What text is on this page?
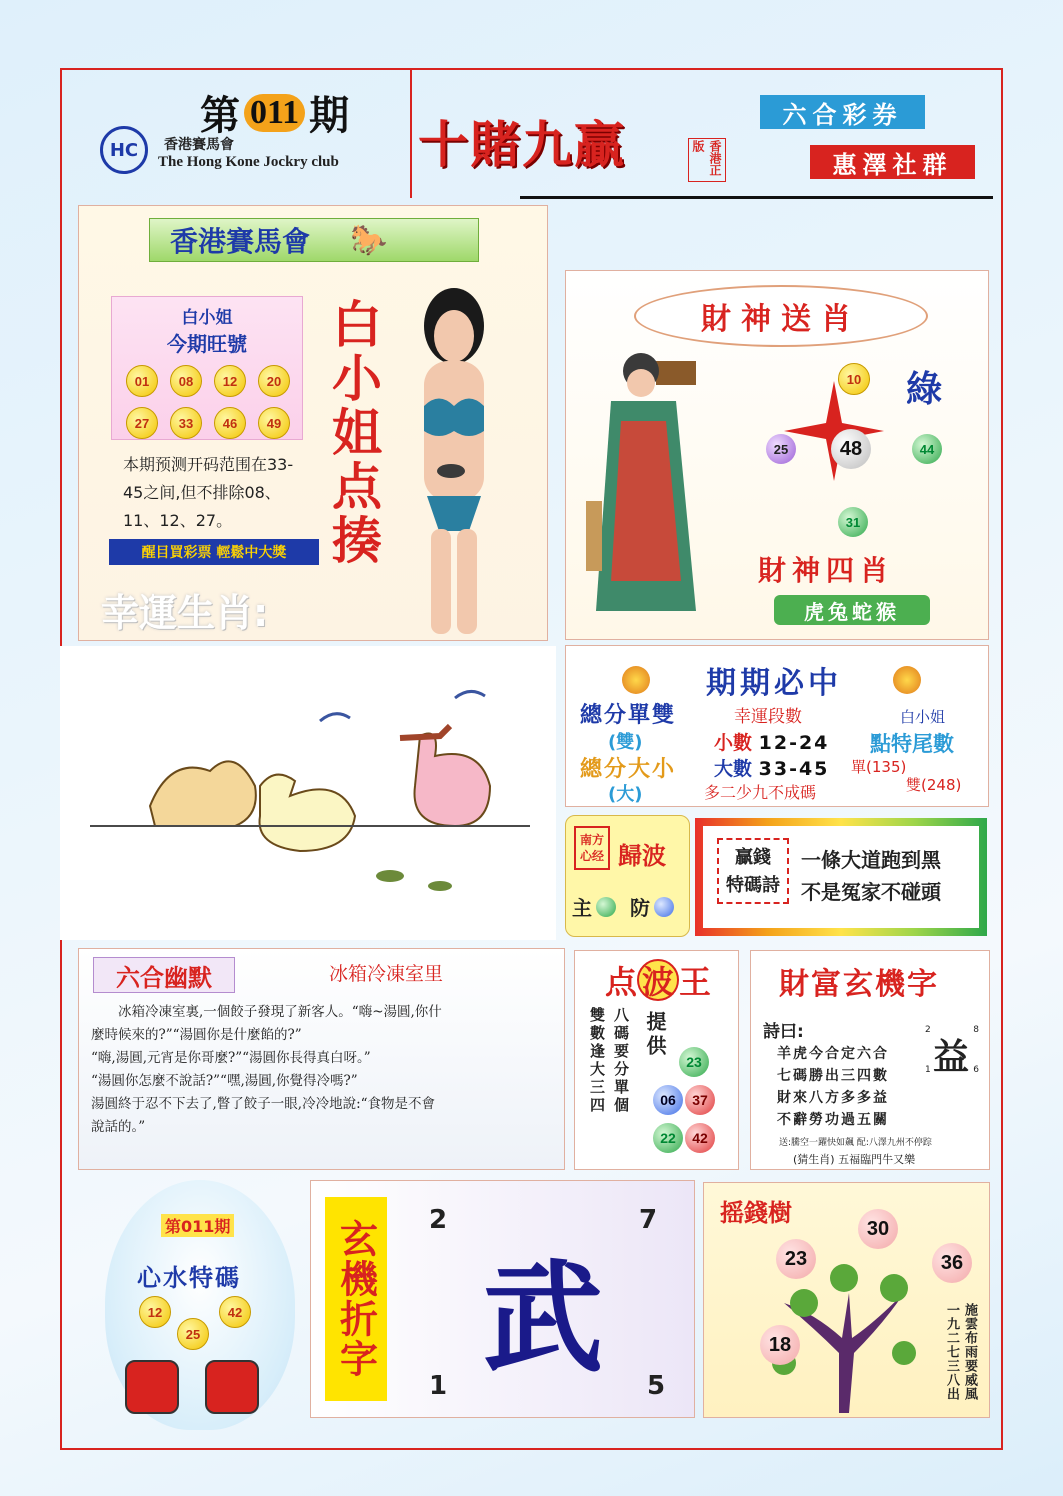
第 011 期
HC	香港賽馬會
The Hong Kone Jockry club 十賭九贏	香港正版
六合彩券
惠澤社群
香港賽馬會 🐎
白小姐
今期旺號
01	08	12	20
27	33	46	49
本期预测开码范围在33-45之间,但不排除08、11、12、27。
醒目買彩票 輕鬆中大獎
幸運生肖:
白小姐点揍	財神送肖
10
25	48	44
31
綠
財神四肖
虎兔蛇猴
期期必中
總分單雙
(雙)
總分大小
(大)
幸運段數
小數 12-24
大數 33-45
多二少九不成碼
白小姐
點特尾數
單(135)
雙(248)
南方心经 歸波
主 防
贏錢
特碼詩
一條大道跑到黑
不是冤家不碰頭
六合幽默	冰箱冷凍室里
冰箱冷凍室裏,一個餃子發現了新客人。“嗨~湯圓,你什
麼時候來的?”“湯圓你是什麼餡的?”
“嗨,湯圓,元宵是你哥麼?”“湯圓你長得真白呀。”
“湯圓你怎麼不說話?”“嘿,湯圓,你覺得冷嗎?”
湯圓終于忍不下去了,瞥了餃子一眼,冷冷地說:“食物是不會
說話的。”
点 波 王
雙數逢大三四 八碼要分單個 提供
23
06	37
22	42
財富玄機字
詩曰:
羊虎今合定六合
七碼勝出三四數
財來八方多多益
不辭勞功過五關
2	8
1	6
益
送:騰空一躍快如飆 配:八澤九州不停踪
(猜生肖) 五福臨門牛又樂
第011期
心水特碼
12
25
42 玄機折字	2	7
1	5
武
摇錢樹
30
23	36
18	施雲布雨要威風
一九二七三八出
